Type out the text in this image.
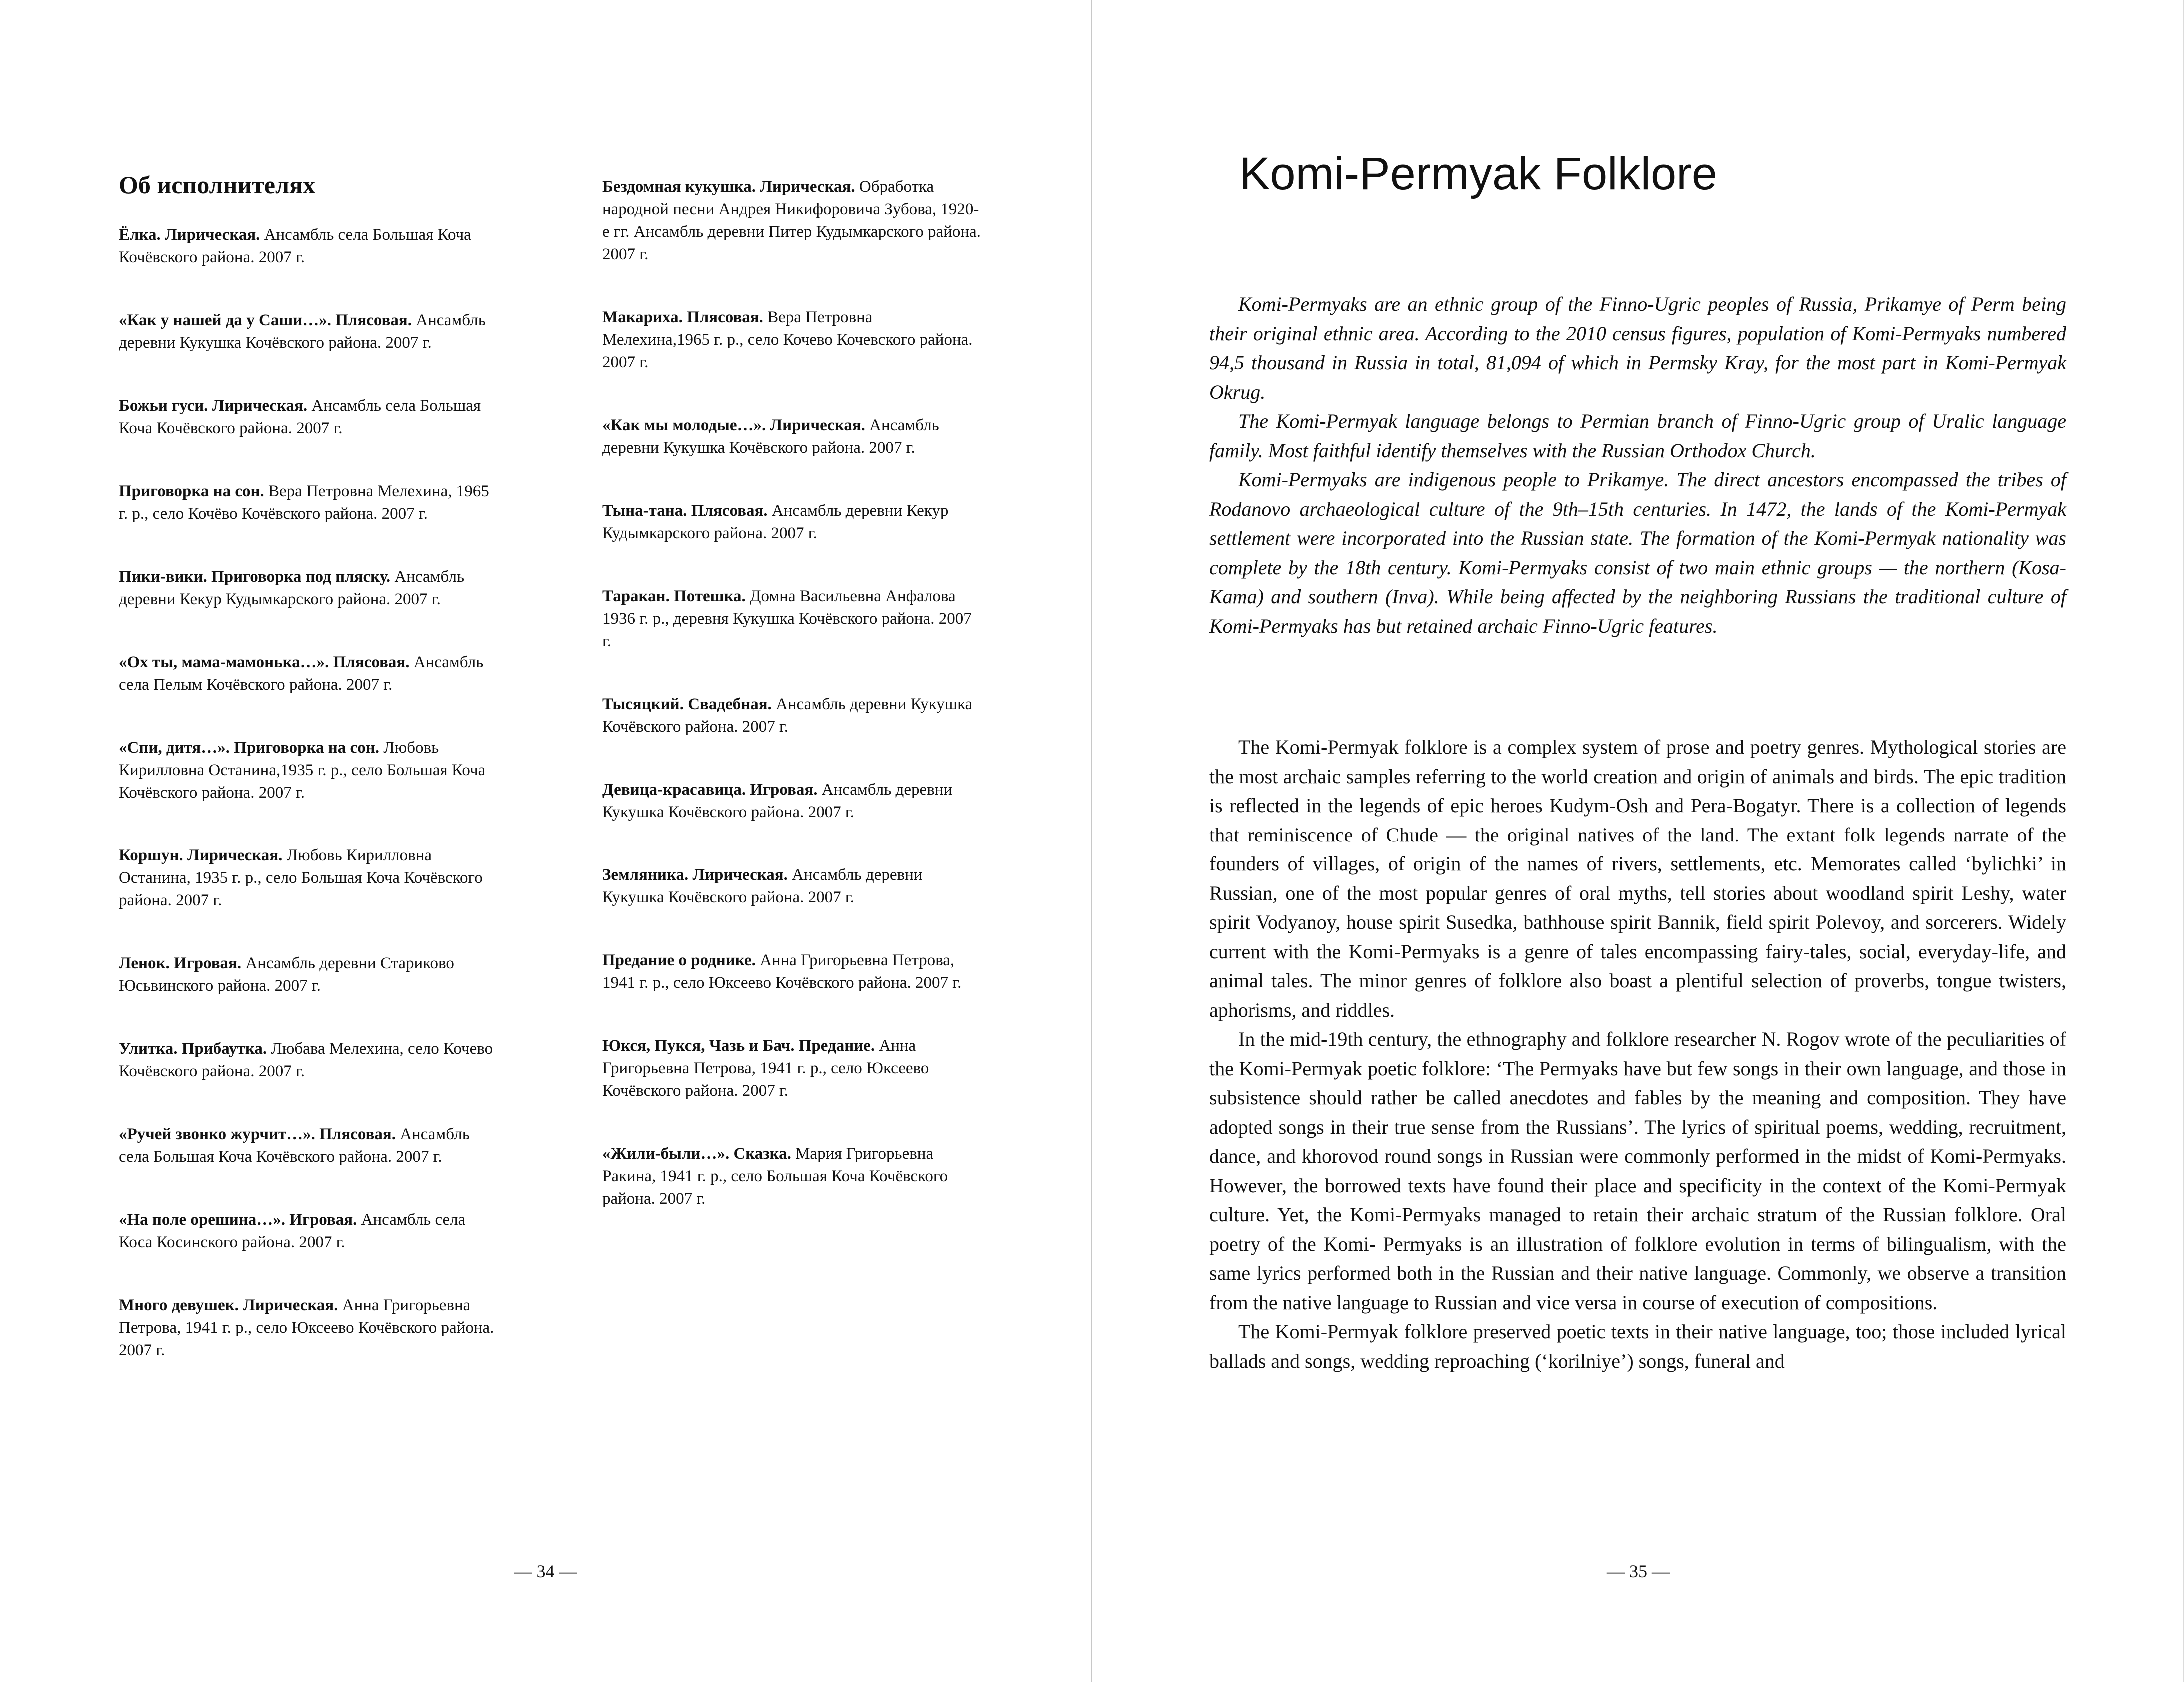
Об исполнителях

Ёлка. Лирическая. Ансамбль села Большая Коча Кочёвского района. 2007 г.

«Как у нашей да у Саши…». Плясовая. Ансамбль деревни Кукушка Кочёвского района. 2007 г.

Божьи гуси. Лирическая. Ансамбль села Большая Коча Кочёвского района. 2007 г.

Приговорка на сон. Вера Петровна Мелехина, 1965 г. р., село Кочёво Кочёвского района. 2007 г.

Пики-вики. Приговорка под пляску. Ансамбль деревни Кекур Кудымкарского района. 2007 г.

«Ох ты, мама-мамонька…». Плясовая. Ансамбль села Пелым Кочёвского района. 2007 г.

«Спи, дитя…». Приговорка на сон. Любовь Кирилловна Останина,1935 г. р., село Большая Коча Кочёвского района. 2007 г.

Коршун. Лирическая. Любовь Кирилловна Останина, 1935 г. р., село Большая Коча Кочёвского района. 2007 г.

Ленок. Игровая. Ансамбль деревни Стариково Юсьвинского района. 2007 г.

Улитка. Прибаутка. Любава Мелехина, село Кочево Кочёвского района. 2007 г.

«Ручей звонко журчит…». Плясовая. Ансамбль села Большая Коча Кочёвского района. 2007 г.

«На поле орешина…». Игровая. Ансамбль села Коса Косинского района. 2007 г.

Много девушек. Лирическая. Анна Григорьевна Петрова, 1941 г. р., село Юксеево Кочёвского района. 2007 г.

Бездомная кукушка. Лирическая. Обработка народной песни Андрея Никифоровича Зубова, 1920-е гг. Ансамбль деревни Питер Кудымкарского района. 2007 г.

Макариха. Плясовая. Вера Петровна Мелехина,1965 г. р., село Кочево Кочевского района. 2007 г.

«Как мы молодые…». Лирическая. Ансамбль деревни Кукушка Кочёвского района. 2007 г.

Тына-тана. Плясовая. Ансамбль деревни Кекур Кудымкарского района. 2007 г.

Таракан. Потешка. Домна Васильевна Анфалова 1936 г. р., деревня Кукушка Кочёвского района. 2007 г.

Тысяцкий. Свадебная. Ансамбль деревни Кукушка Кочёвского района. 2007 г.

Девица-красавица. Игровая. Ансамбль деревни Кукушка Кочёвского района. 2007 г.

Земляника. Лирическая. Ансамбль деревни Кукушка Кочёвского района. 2007 г.

Предание о роднике. Анна Григорьевна Петрова, 1941 г. р., село Юксеево Кочёвского района. 2007 г.

Юкся, Пукся, Чазь и Бач. Предание. Анна Григорьевна Петрова, 1941 г. р., село Юксеево Кочёвского района. 2007 г.

«Жили-были…». Сказка. Мария Григорьевна Ракина, 1941 г. р., село Большая Коча Кочёвского района. 2007 г.

— 34 —
Komi-Permyak Folklore

Komi-Permyaks are an ethnic group of the Finno-Ugric peoples of Russia, Prikamye of Perm being their original ethnic area. According to the 2010 census figures, population of Komi-Permyaks numbered 94,5 thousand in Russia in total, 81,094 of which in Permsky Kray, for the most part in Komi-Permyak Okrug.

The Komi-Permyak language belongs to Permian branch of Finno-Ugric group of Uralic language family. Most faithful identify themselves with the Russian Orthodox Church.

Komi-Permyaks are indigenous people to Prikamye. The direct ancestors encompassed the tribes of Rodanovo archaeological culture of the 9th–15th centuries. In 1472, the lands of the Komi-Permyak settlement were incorporated into the Russian state. The formation of the Komi-Permyak nationality was complete by the 18th century. Komi-Permyaks consist of two main ethnic groups — the northern (Kosa-Kama) and southern (Inva). While being affected by the neighboring Russians the traditional culture of Komi-Permyaks has but retained archaic Finno-Ugric features.

The Komi-Permyak folklore is a complex system of prose and poetry genres. Mythological stories are the most archaic samples referring to the world creation and origin of animals and birds. The epic tradition is reflected in the legends of epic heroes Kudym-Osh and Pera-Bogatyr. There is a collection of legends that reminiscence of Chude — the original natives of the land. The extant folk legends narrate of the founders of villages, of origin of the names of rivers, settlements, etc. Memorates called ‘bylichki’ in Russian, one of the most popular genres of oral myths, tell stories about woodland spirit Leshy, water spirit Vodyanoy, house spirit Susedka, bathhouse spirit Bannik, field spirit Polevoy, and sorcerers. Widely current with the Komi-Permyaks is a genre of tales encompassing fairy-tales, social, everyday-life, and animal tales. The minor genres of folklore also boast a plentiful selection of proverbs, tongue twisters, aphorisms, and riddles.

In the mid-19th century, the ethnography and folklore researcher N. Rogov wrote of the peculiarities of the Komi-Permyak poetic folklore: ‘The Permyaks have but few songs in their own language, and those in subsistence should rather be called anecdotes and fables by the meaning and composition. They have adopted songs in their true sense from the Russians’. The lyrics of spiritual poems, wedding, recruitment, dance, and khorovod round songs in Russian were commonly performed in the midst of Komi-Permyaks. However, the borrowed texts have found their place and specificity in the context of the Komi-Permyak culture. Yet, the Komi-Permyaks managed to retain their archaic stratum of the Russian folklore. Oral poetry of the Komi- Permyaks is an illustration of folklore evolution in terms of bilingualism, with the same lyrics performed both in the Russian and their native language. Commonly, we observe a transition from the native language to Russian and vice versa in course of execution of compositions.

The Komi-Permyak folklore preserved poetic texts in their native language, too; those included lyrical ballads and songs, wedding reproaching (‘korilniye’) songs, funeral and

— 35 —
